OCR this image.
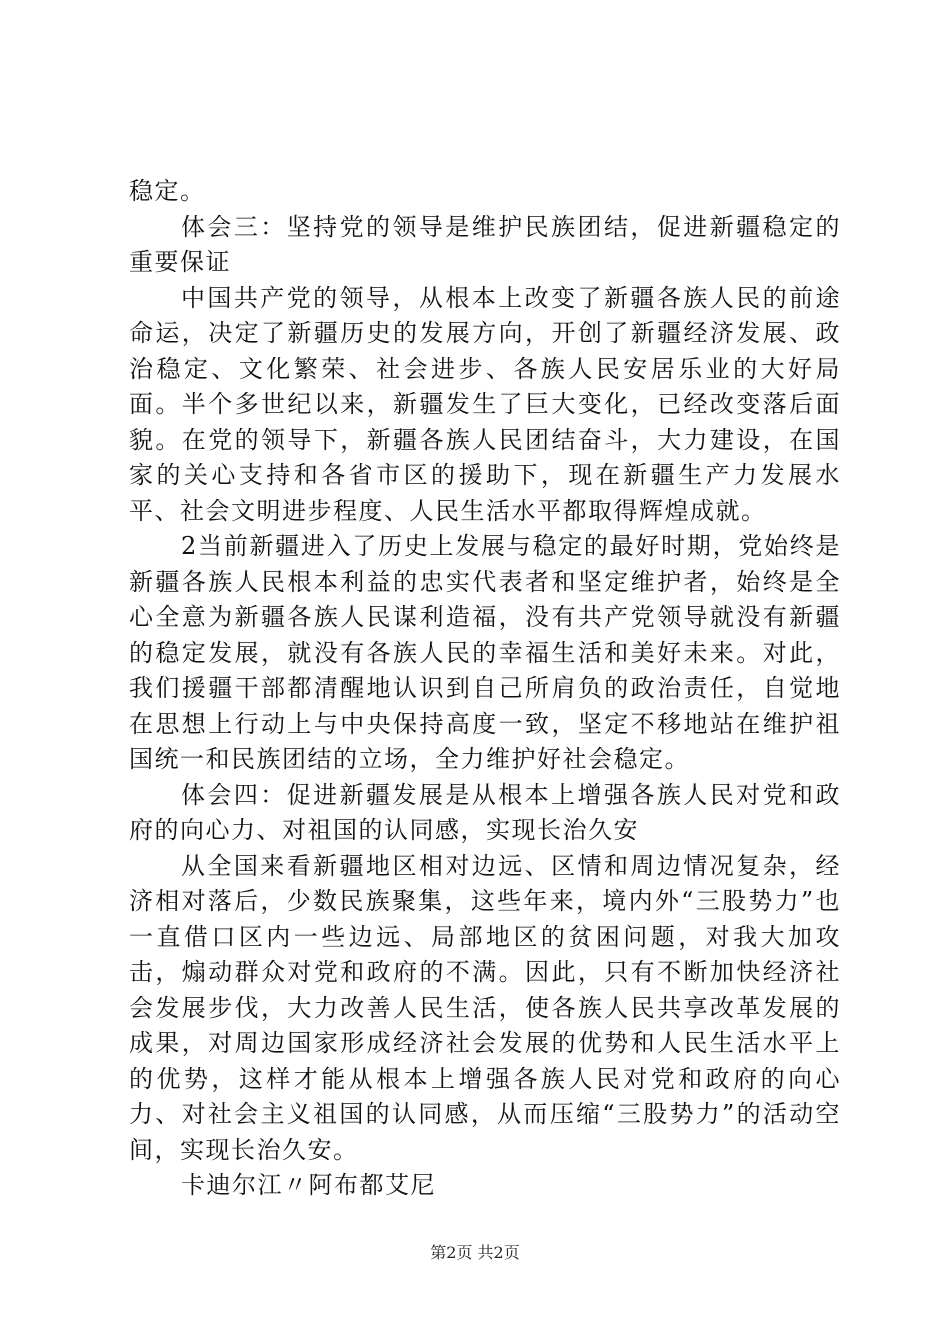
稳定。

体会三：坚持党的领导是维护民族团结，促进新疆稳定的重要保证

中国共产党的领导，从根本上改变了新疆各族人民的前途命运，决定了新疆历史的发展方向，开创了新疆经济发展、政治稳定、文化繁荣、社会进步、各族人民安居乐业的大好局面。半个多世纪以来，新疆发生了巨大变化，已经改变落后面貌。在党的领导下，新疆各族人民团结奋斗，大力建设，在国家的关心支持和各省市区的援助下，现在新疆生产力发展水平、社会文明进步程度、人民生活水平都取得辉煌成就。

2当前新疆进入了历史上发展与稳定的最好时期，党始终是新疆各族人民根本利益的忠实代表者和坚定维护者，始终是全心全意为新疆各族人民谋利造福，没有共产党领导就没有新疆的稳定发展，就没有各族人民的幸福生活和美好未来。对此，我们援疆干部都清醒地认识到自己所肩负的政治责任，自觉地在思想上行动上与中央保持高度一致，坚定不移地站在维护祖国统一和民族团结的立场，全力维护好社会稳定。

体会四：促进新疆发展是从根本上增强各族人民对党和政府的向心力、对祖国的认同感，实现长治久安

从全国来看新疆地区相对边远、区情和周边情况复杂，经济相对落后，少数民族聚集，这些年来，境内外“三股势力”也一直借口区内一些边远、局部地区的贫困问题，对我大加攻击，煽动群众对党和政府的不满。因此，只有不断加快经济社会发展步伐，大力改善人民生活，使各族人民共享改革发展的成果，对周边国家形成经济社会发展的优势和人民生活水平上的优势，这样才能从根本上增强各族人民对党和政府的向心力、对社会主义祖国的认同感，从而压缩“三股势力”的活动空间，实现长治久安。

卡迪尔江〃阿布都艾尼

第2页 共2页
